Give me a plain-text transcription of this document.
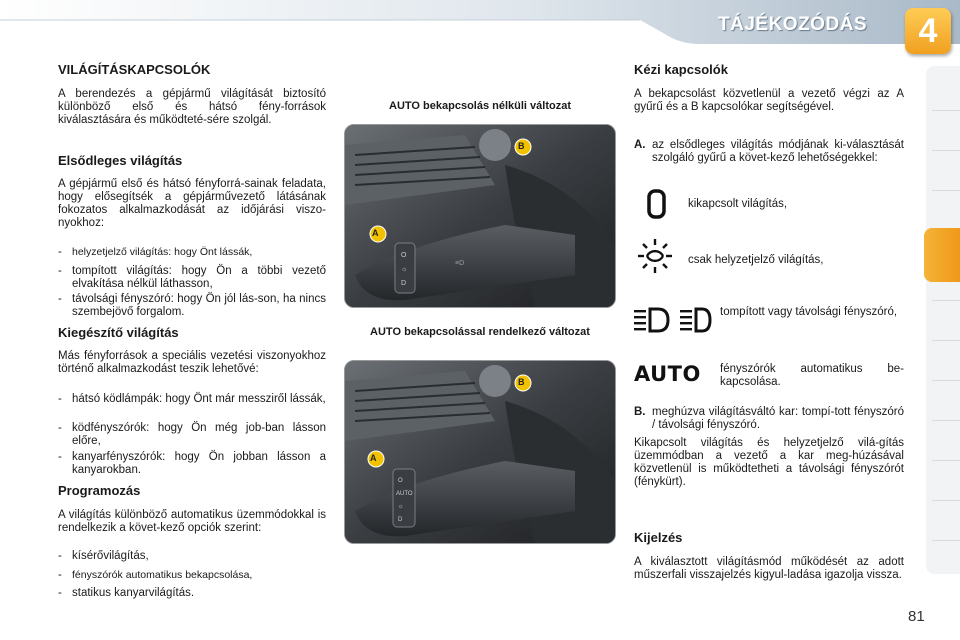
TÁJÉKOZÓDÁS	4
VILÁGÍTÁSKAPCSOLÓK
A berendezés a gépjármű világítását biztosító különböző első és hátsó fény-források kiválasztására és működteté-sére szolgál.
Elsődleges világítás
A gépjármű első és hátsó fényforrá-sainak feladata, hogy elősegítsék a gépjárművezető látásának fokozatos alkalmazkodását az időjárási viszo-nyokhoz:
- helyzetjelző világítás: hogy Önt lássák,
- tompított világítás: hogy Ön a többi vezető elvakítása nélkül láthasson,
- távolsági fényszóró: hogy Ön jól lás-son, ha nincs szembejövő forgalom.
Kiegészítő világítás
Más fényforrások a speciális vezetési viszonyokhoz történő alkalmazkodást teszik lehetővé:
- hátsó ködlámpák: hogy Önt már messziről lássák,
- ködfényszórók: hogy Ön még job-ban lásson előre,
- kanyarfényszórók: hogy Ön jobban lásson a kanyarokban.
Programozás
A világítás különböző automatikus üzemmódokkal is rendelkezik a követ-kező opciók szerint:
- kísérővilágítás,
- fényszórók automatikus bekapcsolása,
- statikus kanyarvilágítás.
AUTO bekapcsolás nélküli változat
O
☼
D
≡D
A
B
AUTO bekapcsolással rendelkező változat
O
AUTO
☼
D
A
B
Kézi kapcsolók
A bekapcsolást közvetlenül a vezető végzi az A gyűrű és a B kapcsolókar segítségével.
A. az elsődleges világítás módjának ki-választását szolgáló gyűrű a követ-kező lehetőségekkel:
kikapcsolt világítás,
csak helyzetjelző világítás,
tompított vagy távolsági fényszóró,
AUTO fényszórók automatikus be-kapcsolása.
B. meghúzva világításváltó kar: tompí-tott fényszóró / távolsági fényszóró.
Kikapcsolt világítás és helyzetjelző vilá-gítás üzemmódban a vezető a kar meg-húzásával közvetlenül is működtetheti a távolsági fényszórót (fénykürt).
Kijelzés
A kiválasztott világításmód működését az adott műszerfali visszajelzés kigyul-ladása igazolja vissza.
81
